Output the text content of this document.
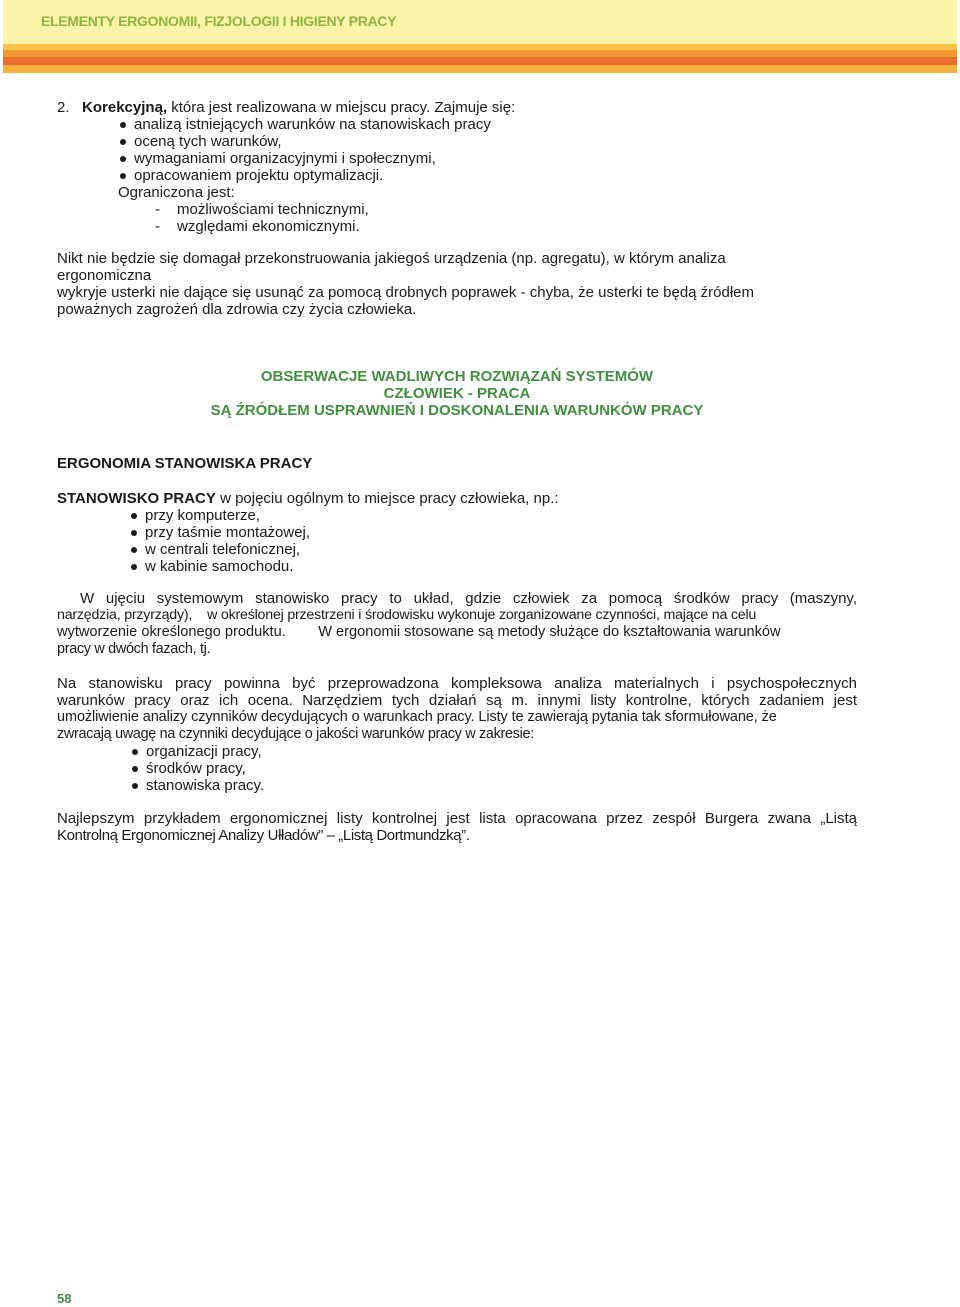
ELEMENTY ERGONOMII, FIZJOLOGII I HIGIENY PRACY
2. Korekcyjną, która jest realizowana w miejscu pracy. Zajmuje się:
analizą istniejących warunków na stanowiskach pracy
oceną tych warunków,
wymaganiami organizacyjnymi i społecznymi,
opracowaniem projektu optymalizacji.
Ograniczona jest:
- możliwościami technicznymi,
- względami ekonomicznymi.
Nikt nie będzie się domagał przekonstruowania jakiegoś urządzenia (np. agregatu), w którym analiza
ergonomiczna
wykryje usterki nie dające się usunąć za pomocą drobnych poprawek - chyba, że usterki te będą źródłem
poważnych zagrożeń dla zdrowia czy życia człowieka.
OBSERWACJE WADLIWYCH ROZWIĄZAŃ SYSTEMÓW
CZŁOWIEK - PRACA
SĄ ŹRÓDŁEM USPRAWNIEŃ I DOSKONALENIA WARUNKÓW PRACY
ERGONOMIA STANOWISKA PRACY
STANOWISKO PRACY w pojęciu ogólnym to miejsce pracy człowieka, np.:
przy komputerze,
przy taśmie montażowej,
w centrali telefonicznej,
w kabinie samochodu.
W ujęciu systemowym stanowisko pracy to układ, gdzie człowiek za pomocą środków pracy (maszyny,
narzędzia, przyrządy),    w określonej przestrzeni i środowisku wykonuje zorganizowane czynności, mające na celu
wytworzenie określonego produktu.        W ergonomii stosowane są metody służące do kształtowania warunków
pracy w dwóch fazach, tj.
Na stanowisku pracy powinna być przeprowadzona kompleksowa analiza materialnych i psychospołecznych
warunków pracy oraz ich ocena. Narzędziem tych działań są m. innymi listy kontrolne, których zadaniem jest
umożliwienie analizy czynników decydujących o warunkach pracy. Listy te zawierają pytania tak sformułowane, że
zwracają uwagę na czynniki decydujące o jakości warunków pracy w zakresie:
organizacji pracy,
środków pracy,
stanowiska pracy.
Najlepszym przykładem ergonomicznej listy kontrolnej jest lista opracowana przez zespół Burgera zwana „Listą
Kontrolną Ergonomicznej Analizy Ułładów” – „Listą Dortmundzką”.
58
